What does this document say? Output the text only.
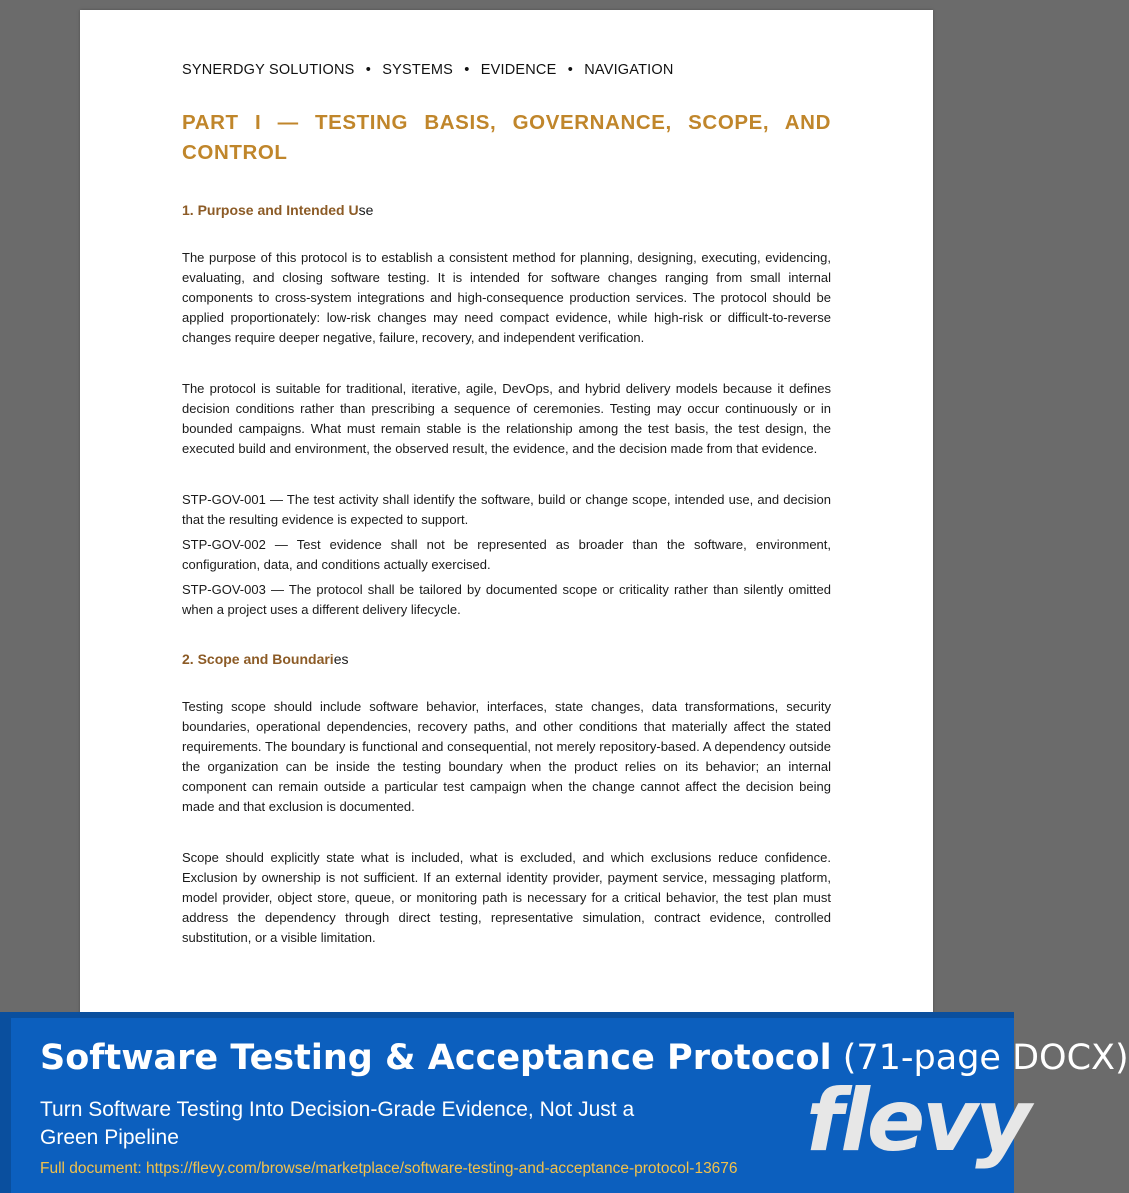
SYNERDGY SOLUTIONS • SYSTEMS • EVIDENCE • NAVIGATION
PART I — TESTING BASIS, GOVERNANCE, SCOPE, AND CONTROL
1. Purpose and Intended Use

The purpose of this protocol is to establish a consistent method for planning, designing, executing, evidencing, evaluating, and closing software testing. It is intended for software changes ranging from small internal components to cross-system integrations and high-consequence production services. The protocol should be applied proportionately: low-risk changes may need compact evidence, while high-risk or difficult-to-reverse changes require deeper negative, failure, recovery, and independent verification.

The protocol is suitable for traditional, iterative, agile, DevOps, and hybrid delivery models because it defines decision conditions rather than prescribing a sequence of ceremonies. Testing may occur continuously or in bounded campaigns. What must remain stable is the relationship among the test basis, the test design, the executed build and environment, the observed result, the evidence, and the decision made from that evidence.

STP-GOV-001 — The test activity shall identify the software, build or change scope, intended use, and decision that the resulting evidence is expected to support.
STP-GOV-002 — Test evidence shall not be represented as broader than the software, environment, configuration, data, and conditions actually exercised.
STP-GOV-003 — The protocol shall be tailored by documented scope or criticality rather than silently omitted when a project uses a different delivery lifecycle.
2. Scope and Boundaries

Testing scope should include software behavior, interfaces, state changes, data transformations, security boundaries, operational dependencies, recovery paths, and other conditions that materially affect the stated requirements. The boundary is functional and consequential, not merely repository-based. A dependency outside the organization can be inside the testing boundary when the product relies on its behavior; an internal component can remain outside a particular test campaign when the change cannot affect the decision being made and that exclusion is documented.

Scope should explicitly state what is included, what is excluded, and which exclusions reduce confidence. Exclusion by ownership is not sufficient. If an external identity provider, payment service, messaging platform, model provider, object store, queue, or monitoring path is necessary for a critical behavior, the test plan must address the dependency through direct testing, representative simulation, contract evidence, controlled substitution, or a visible limitation.

Software Testing & Acceptance Protocol (71-page DOCX)
Turn Software Testing Into Decision-Grade Evidence, Not Just a Green Pipeline
Full document: https://flevy.com/browse/marketplace/software-testing-and-acceptance-protocol-13676 flevy
